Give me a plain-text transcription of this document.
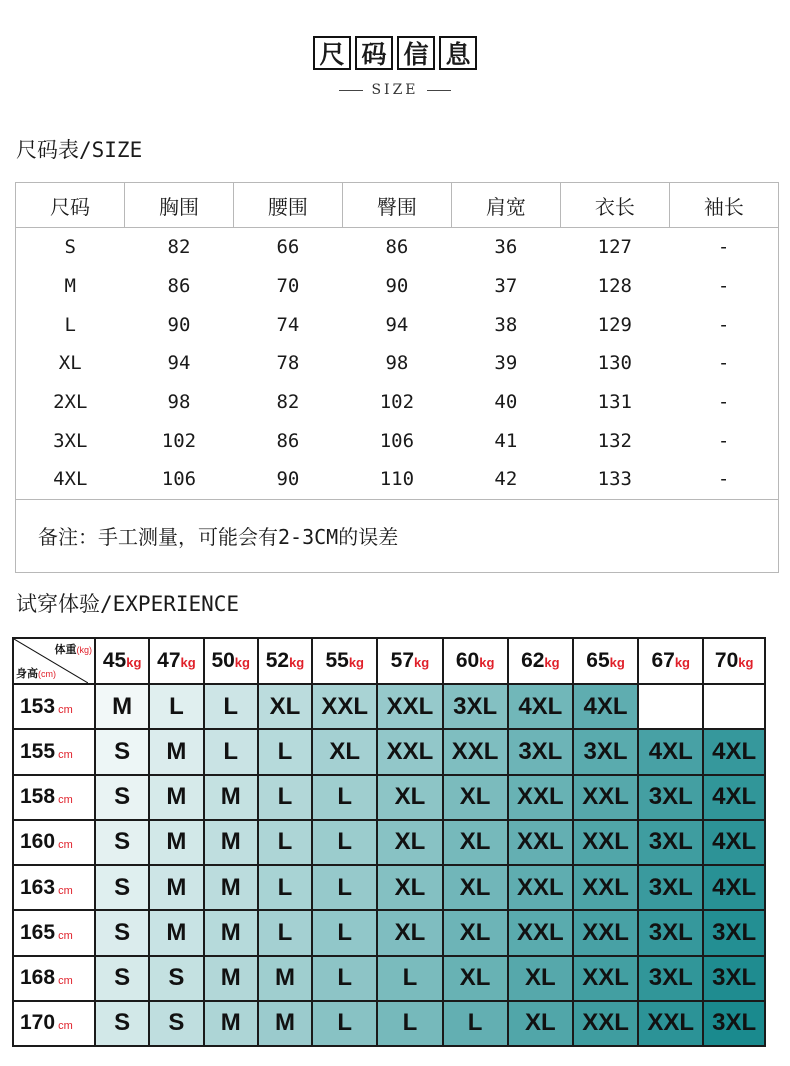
尺 码 信 息
SIZE
尺码表/SIZE
尺码	胸围	腰围	臀围	肩宽	衣长	袖长
S	82	66	86	36	127	-
M	86	70	90	37	128	-
L	90	74	94	38	129	-
XL	94	78	98	39	130	-
2XL	98	82	102	40	131	-
3XL	102	86	106	41	132	-
4XL	106	90	110	42	133	-
备注：手工测量，可能会有2-3CM的误差						
试穿体验/EXPERIENCE
体重(kg)
身高(cm)	45kg	47kg	50kg	52kg	55kg	57kg	60kg	62kg	65kg	67kg	70kg
153 cm	M	L	L	XL	XXL	XXL	3XL	4XL	4XL		
155 cm	S	M	L	L	XL	XXL	XXL	3XL	3XL	4XL	4XL
158 cm	S	M	M	L	L	XL	XL	XXL	XXL	3XL	4XL
160 cm	S	M	M	L	L	XL	XL	XXL	XXL	3XL	4XL
163 cm	S	M	M	L	L	XL	XL	XXL	XXL	3XL	4XL
165 cm	S	M	M	L	L	XL	XL	XXL	XXL	3XL	3XL
168 cm	S	S	M	M	L	L	XL	XL	XXL	3XL	3XL
170 cm	S	S	M	M	L	L	L	XL	XXL	XXL	3XL
